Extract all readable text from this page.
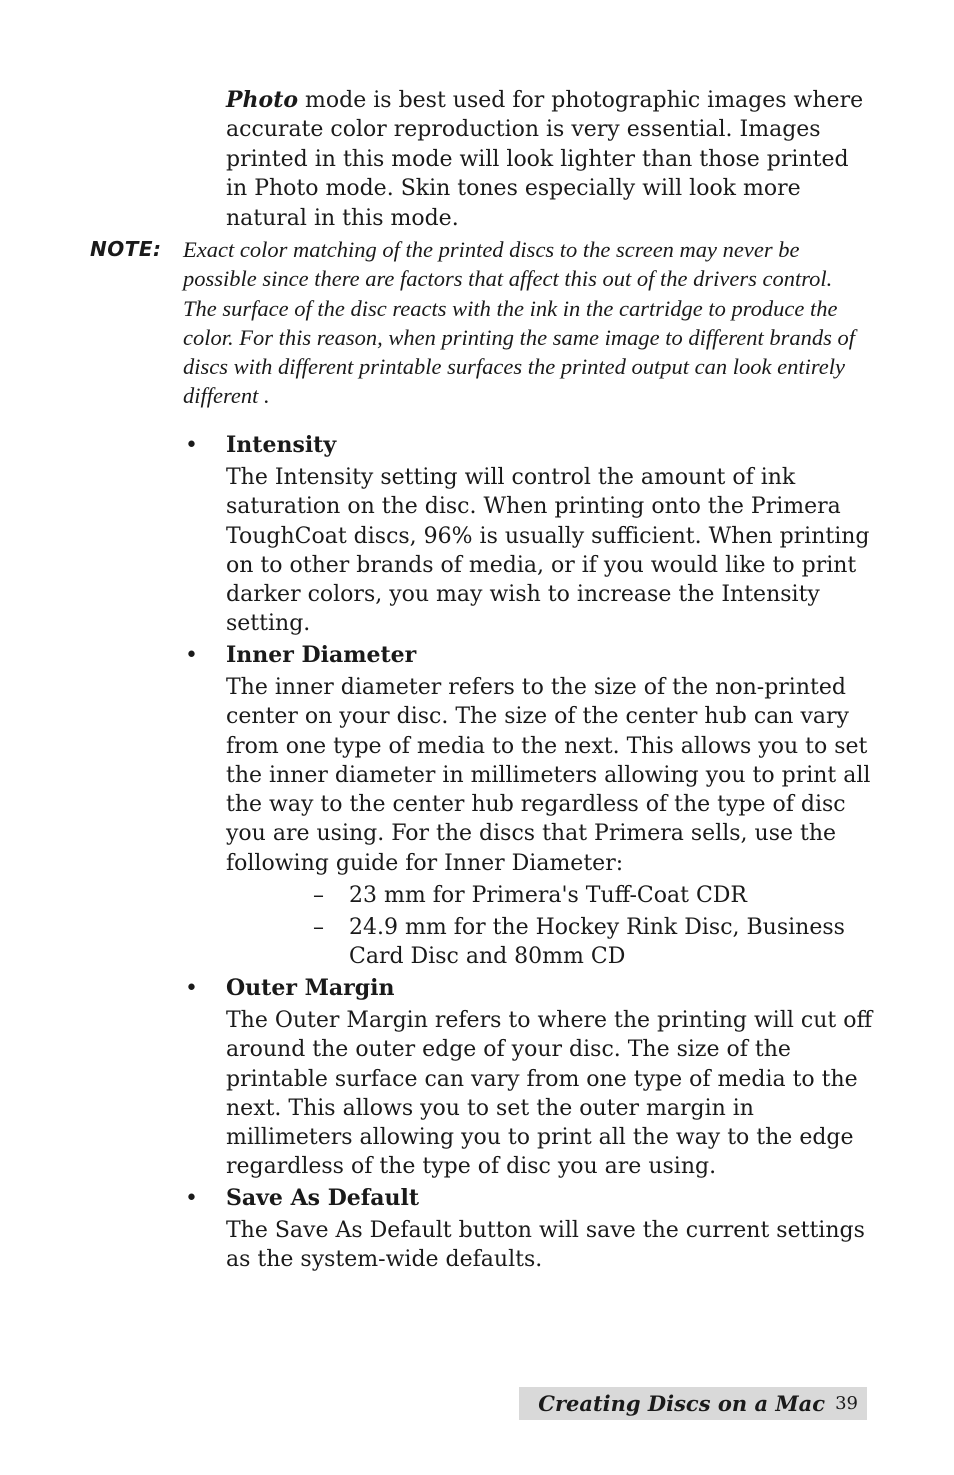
Photo mode is best used for photographic images where accurate color reproduction is very essential. Images printed in this mode will look lighter than those printed in Photo mode. Skin tones especially will look more natural in this mode.

NOTE: Exact color matching of the printed discs to the screen may never be possible since there are factors that affect this out of the drivers control. The surface of the disc reacts with the ink in the cartridge to produce the color. For this reason, when printing the same image to different brands of discs with different printable surfaces the printed output can look entirely different .
• Intensity
The Intensity setting will control the amount of ink saturation on the disc. When printing onto the Primera ToughCoat discs, 96% is usually sufficient. When printing on to other brands of media, or if you would like to print darker colors, you may wish to increase the Intensity setting.
• Inner Diameter
The inner diameter refers to the size of the non-printed center on your disc. The size of the center hub can vary from one type of media to the next. This allows you to set the inner diameter in millimeters allowing you to print all the way to the center hub regardless of the type of disc you are using. For the discs that Primera sells, use the following guide for Inner Diameter:
– 23 mm for Primera's Tuff-Coat CDR
– 24.9 mm for the Hockey Rink Disc, Business Card Disc and 80mm CD
• Outer Margin
The Outer Margin refers to where the printing will cut off around the outer edge of your disc. The size of the printable surface can vary from one type of media to the next. This allows you to set the outer margin in millimeters allowing you to print all the way to the edge regardless of the type of disc you are using.
• Save As Default
The Save As Default button will save the current settings as the system-wide defaults.
Creating Discs on a Mac 39
